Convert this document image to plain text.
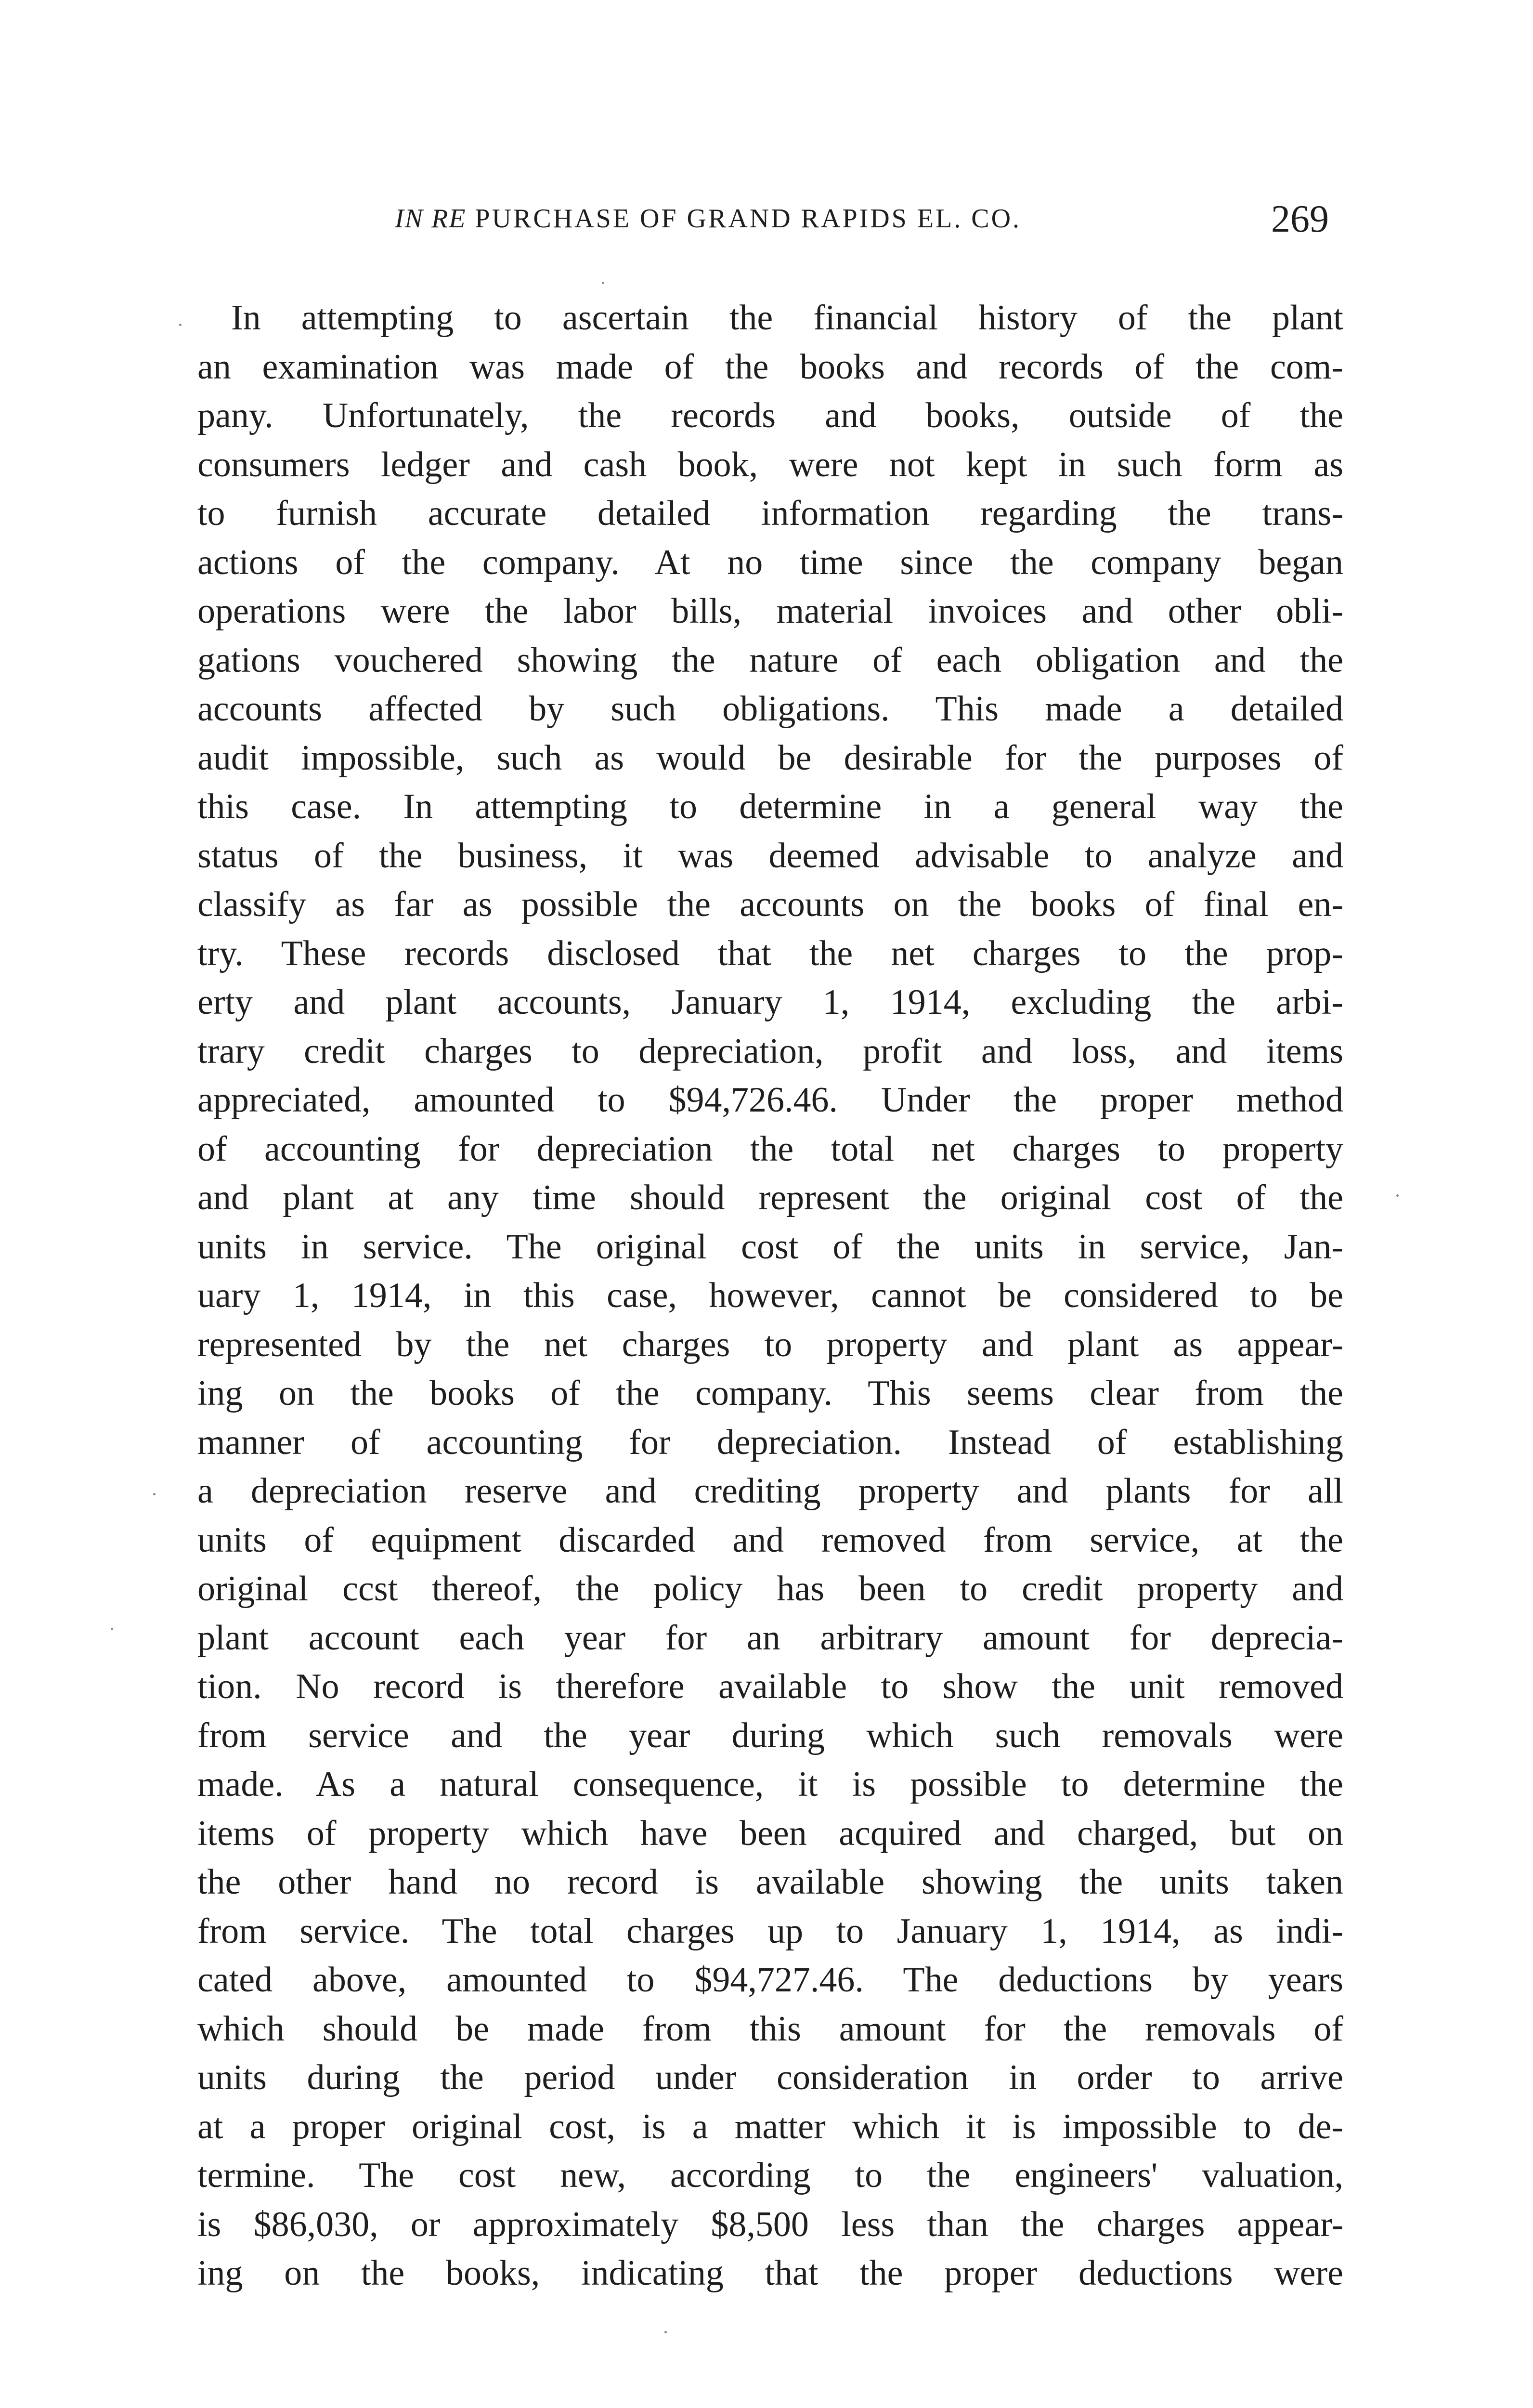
IN RE PURCHASE OF GRAND RAPIDS EL. CO.	269
In attempting to ascertain the financial history of the plant
an examination was made of the books and records of the com-
pany. Unfortunately, the records and books, outside of the
consumers ledger and cash book, were not kept in such form as
to furnish accurate detailed information regarding the trans-
actions of the company. At no time since the company began
operations were the labor bills, material invoices and other obli-
gations vouchered showing the nature of each obligation and the
accounts affected by such obligations. This made a detailed
audit impossible, such as would be desirable for the purposes of
this case. In attempting to determine in a general way the
status of the business, it was deemed advisable to analyze and
classify as far as possible the accounts on the books of final en-
try. These records disclosed that the net charges to the prop-
erty and plant accounts, January 1, 1914, excluding the arbi-
trary credit charges to depreciation, profit and loss, and items
appreciated, amounted to $94,726.46. Under the proper method
of accounting for depreciation the total net charges to property
and plant at any time should represent the original cost of the
units in service. The original cost of the units in service, Jan-
uary 1, 1914, in this case, however, cannot be considered to be
represented by the net charges to property and plant as appear-
ing on the books of the company. This seems clear from the
manner of accounting for depreciation. Instead of establishing
a depreciation reserve and crediting property and plants for all
units of equipment discarded and removed from service, at the
original ccst thereof, the policy has been to credit property and
plant account each year for an arbitrary amount for deprecia-
tion. No record is therefore available to show the unit removed
from service and the year during which such removals were
made. As a natural consequence, it is possible to determine the
items of property which have been acquired and charged, but on
the other hand no record is available showing the units taken
from service. The total charges up to January 1, 1914, as indi-
cated above, amounted to $94,727.46. The deductions by years
which should be made from this amount for the removals of
units during the period under consideration in order to arrive
at a proper original cost, is a matter which it is impossible to de-
termine. The cost new, according to the engineers' valuation,
is $86,030, or approximately $8,500 less than the charges appear-
ing on the books, indicating that the proper deductions were
